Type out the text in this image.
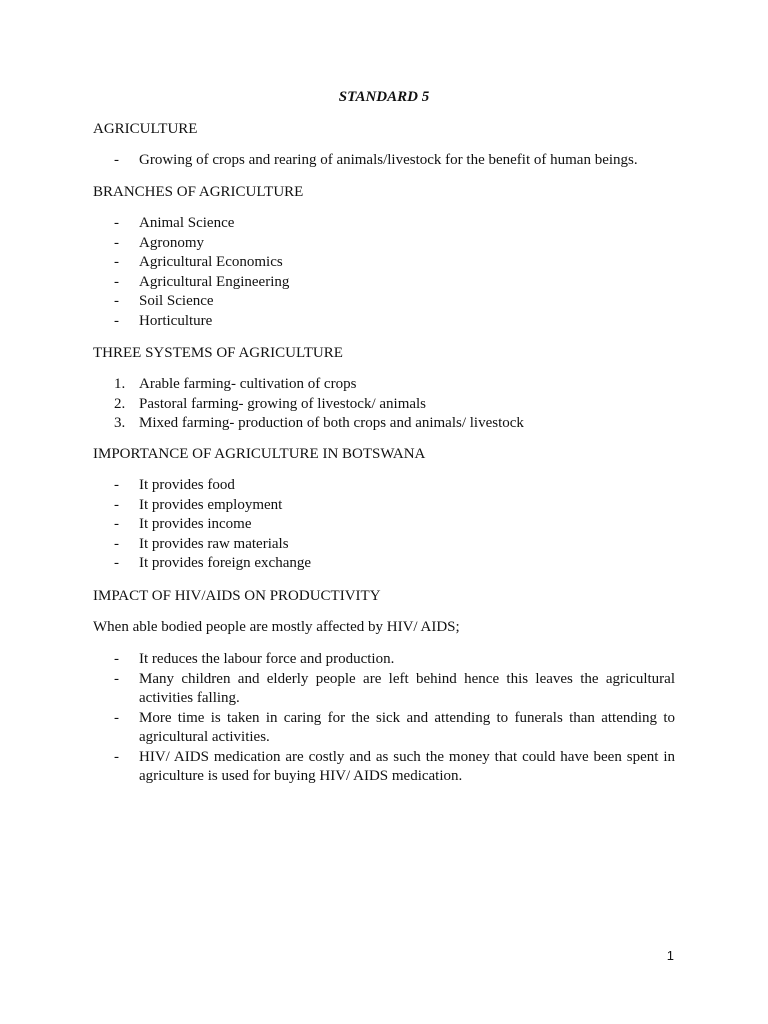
STANDARD 5
AGRICULTURE
- Growing of crops and rearing of animals/livestock for the benefit of human beings.
BRANCHES OF AGRICULTURE
- Animal Science
- Agronomy
- Agricultural Economics
- Agricultural Engineering
- Soil Science
- Horticulture
THREE SYSTEMS OF AGRICULTURE
1. Arable farming- cultivation of crops
2. Pastoral farming- growing of livestock/ animals
3. Mixed farming- production of both crops and animals/ livestock
IMPORTANCE OF AGRICULTURE IN BOTSWANA
- It provides food
- It provides employment
- It provides income
- It provides raw materials
- It provides foreign exchange
IMPACT OF HIV/AIDS ON PRODUCTIVITY
When able bodied people are mostly affected by HIV/ AIDS;
- It reduces the labour force and production.
- Many children and elderly people are left behind hence this leaves the agricultural activities falling.
- More time is taken in caring for the sick and attending to funerals than attending to agricultural activities.
- HIV/ AIDS medication are costly and as such the money that could have been spent in agriculture is used for buying HIV/ AIDS medication.
1
